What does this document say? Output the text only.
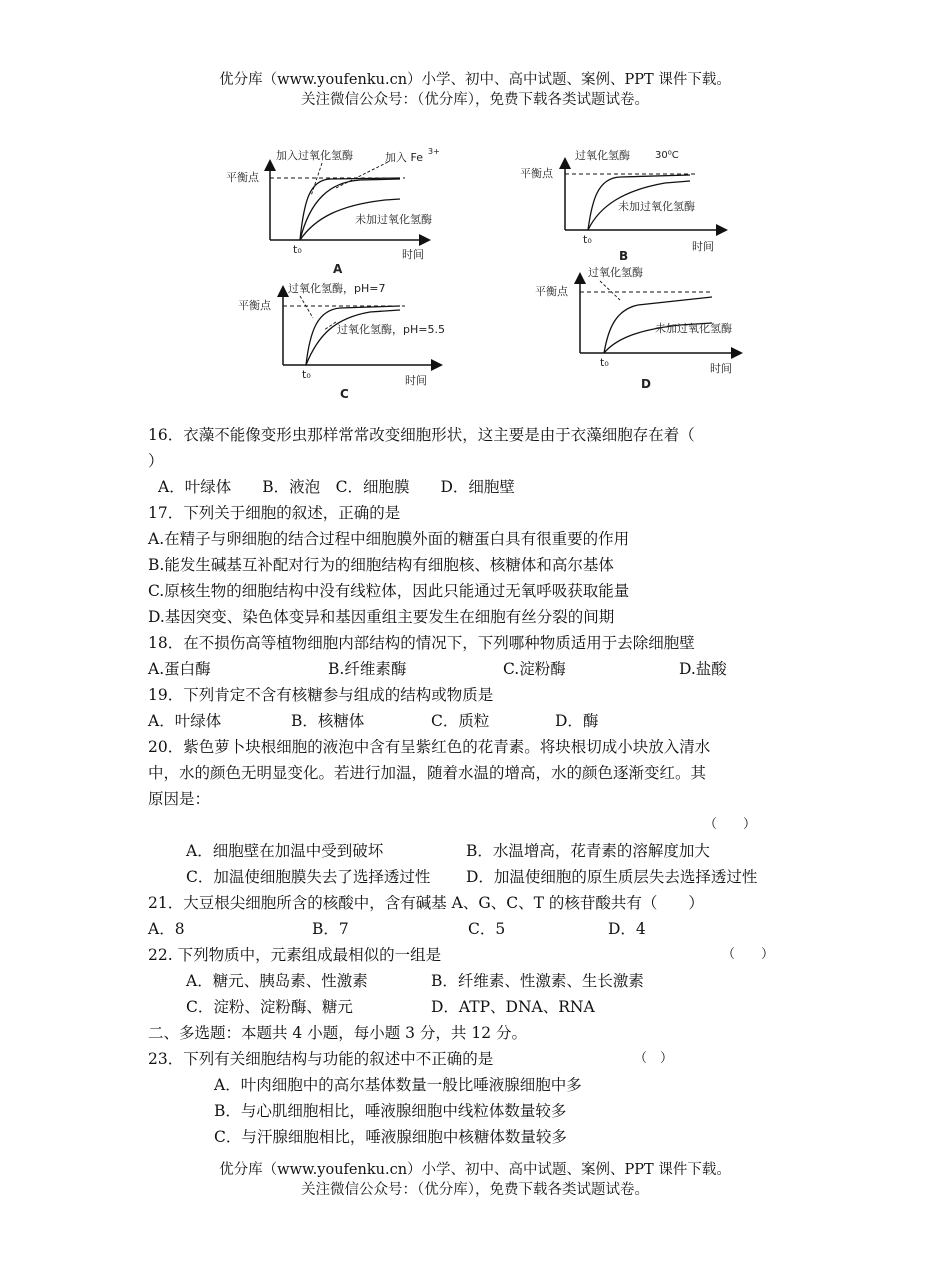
优分库（www.youfenku.cn）小学、初中、高中试题、案例、PPT 课件下载。
关注微信公众号：（优分库），免费下载各类试题试卷。
加入过氧化氢酶	加入 Fe 3+
平衡点
未加过氧化氢酶
t₀	时间
A
过氧化氢酶	30⁰C
平衡点
未加过氧化氢酶
t₀
时间
B
过氧化氢酶，pH=7
平衡点
过氧化氢酶，pH=5.5
t₀	时间
C
过氧化氢酶
平衡点
未加过氧化氢酶
t₀	时间
D
16．衣藻不能像变形虫那样常常改变细胞形状，这主要是由于衣藻细胞存在着（
）
A．叶绿体　　B．液泡　C．细胞膜　　D．细胞壁
17．下列关于细胞的叙述，正确的是
A.在精子与卵细胞的结合过程中细胞膜外面的糖蛋白具有很重要的作用
B.能发生碱基互补配对行为的细胞结构有细胞核、核糖体和高尔基体
C.原核生物的细胞结构中没有线粒体，因此只能通过无氧呼吸获取能量
D.基因突变、染色体变异和基因重组主要发生在细胞有丝分裂的间期
18．在不损伤高等植物细胞内部结构的情况下，下列哪种物质适用于去除细胞壁
A.蛋白酶	B.纤维素酶	C.淀粉酶	D.盐酸
19．下列肯定不含有核糖参与组成的结构或物质是
A．叶绿体	B．核糖体	C．质粒	D．酶
20．紫色萝卜块根细胞的液泡中含有呈紫红色的花青素。将块根切成小块放入清水
中，水的颜色无明显变化。若进行加温，随着水温的增高，水的颜色逐渐变红。其
原因是：
（　　）
A．细胞壁在加温中受到破坏	B．水温增高，花青素的溶解度加大
C．加温使细胞膜失去了选择透过性 D．加温使细胞的原生质层失去选择透过性
21．大豆根尖细胞所含的核酸中，含有碱基 A、G、C、T 的核苷酸共有（　　）
A．8	B．7	C．5	D．4
22. 下列物质中，元素组成最相似的一组是	（　　）
A．糖元、胰岛素、性激素	B．纤维素、性激素、生长激素
C．淀粉、淀粉酶、糖元	D．ATP、DNA、RNA
二、多选题：本题共 4 小题，每小题 3 分，共 12 分。
23．下列有关细胞结构与功能的叙述中不正确的是	（　）
A．叶肉细胞中的高尔基体数量一般比唾液腺细胞中多
B．与心肌细胞相比，唾液腺细胞中线粒体数量较多
C．与汗腺细胞相比，唾液腺细胞中核糖体数量较多
优分库（www.youfenku.cn）小学、初中、高中试题、案例、PPT 课件下载。
关注微信公众号：（优分库），免费下载各类试题试卷。
